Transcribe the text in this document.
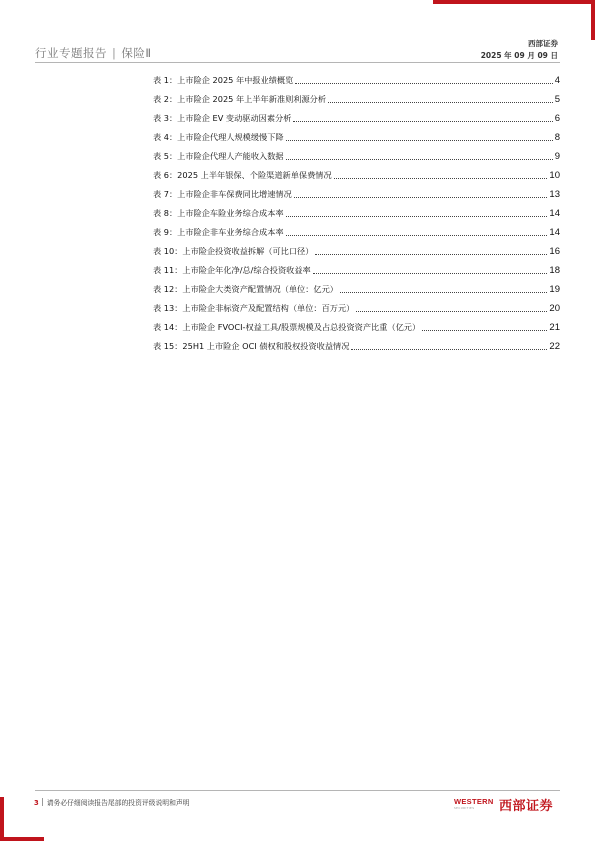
行业专题报告 | 保险Ⅱ
西部证券
2025 年 09 月 09 日
表 1：上市险企 2025 年中报业绩概览	4
表 2：上市险企 2025 年上半年新准则利源分析	5
表 3：上市险企 EV 变动驱动因素分析	6
表 4：上市险企代理人规模缓慢下降	8
表 5：上市险企代理人产能收入数据	9
表 6：2025 上半年银保、个险渠道新单保费情况	10
表 7：上市险企非车保费同比增速情况	13
表 8：上市险企车险业务综合成本率	14
表 9：上市险企非车业务综合成本率	14
表 10：上市险企投资收益拆解（可比口径）	16
表 11：上市险企年化净/总/综合投资收益率	18
表 12：上市险企大类资产配置情况（单位：亿元）	19
表 13：上市险企非标资产及配置结构（单位：百万元）	20
表 14：上市险企 FVOCI-权益工具/股票规模及占总投资资产比重（亿元）	21
表 15：25H1 上市险企 OCI 债权和股权投资收益情况	22
3 请务必仔细阅读报告尾部的投资评级说明和声明	WESTERN
SECURITIES 西部证券
